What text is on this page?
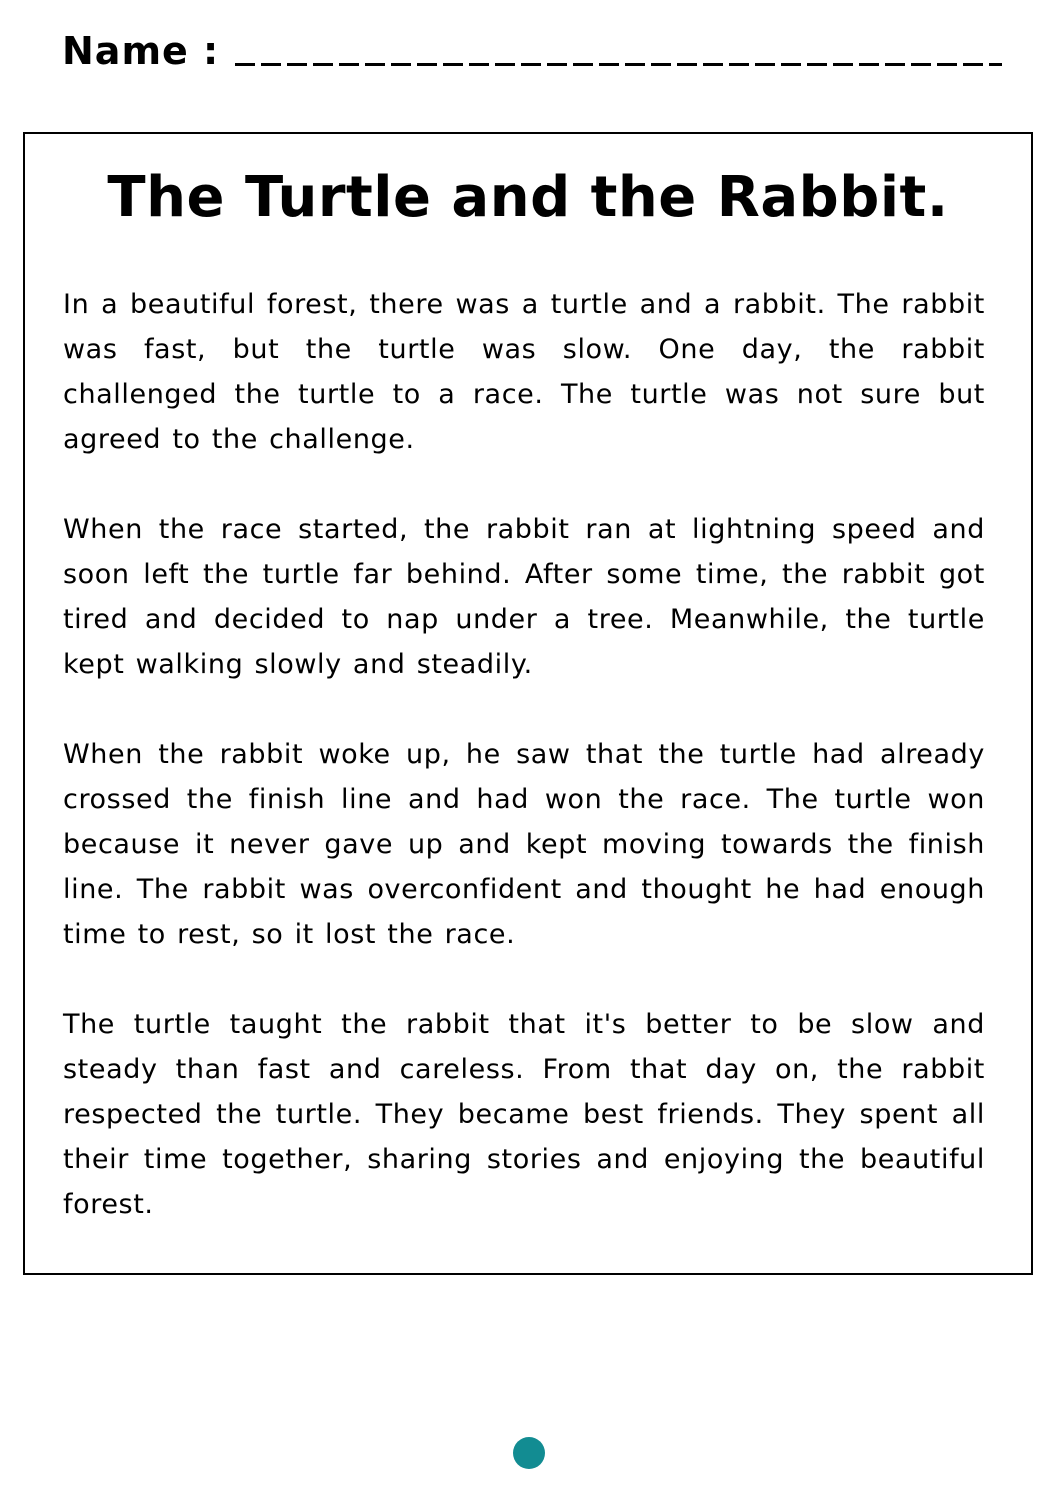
Name :
The Turtle and the Rabbit.

In a beautiful forest, there was a turtle and a rabbit. The rabbit was fast, but the turtle was slow. One day, the rabbit challenged the turtle to a race. The turtle was not sure but agreed to the challenge.

When the race started, the rabbit ran at lightning speed and soon left the turtle far behind. After some time, the rabbit got tired and decided to nap under a tree. Meanwhile, the turtle kept walking slowly and steadily.

When the rabbit woke up, he saw that the turtle had already crossed the finish line and had won the race. The turtle won because it never gave up and kept moving towards the finish line. The rabbit was overconfident and thought he had enough time to rest, so it lost the race.

The turtle taught the rabbit that it's better to be slow and steady than fast and careless. From that day on, the rabbit respected the turtle. They became best friends. They spent all their time together, sharing stories and enjoying the beautiful forest.
